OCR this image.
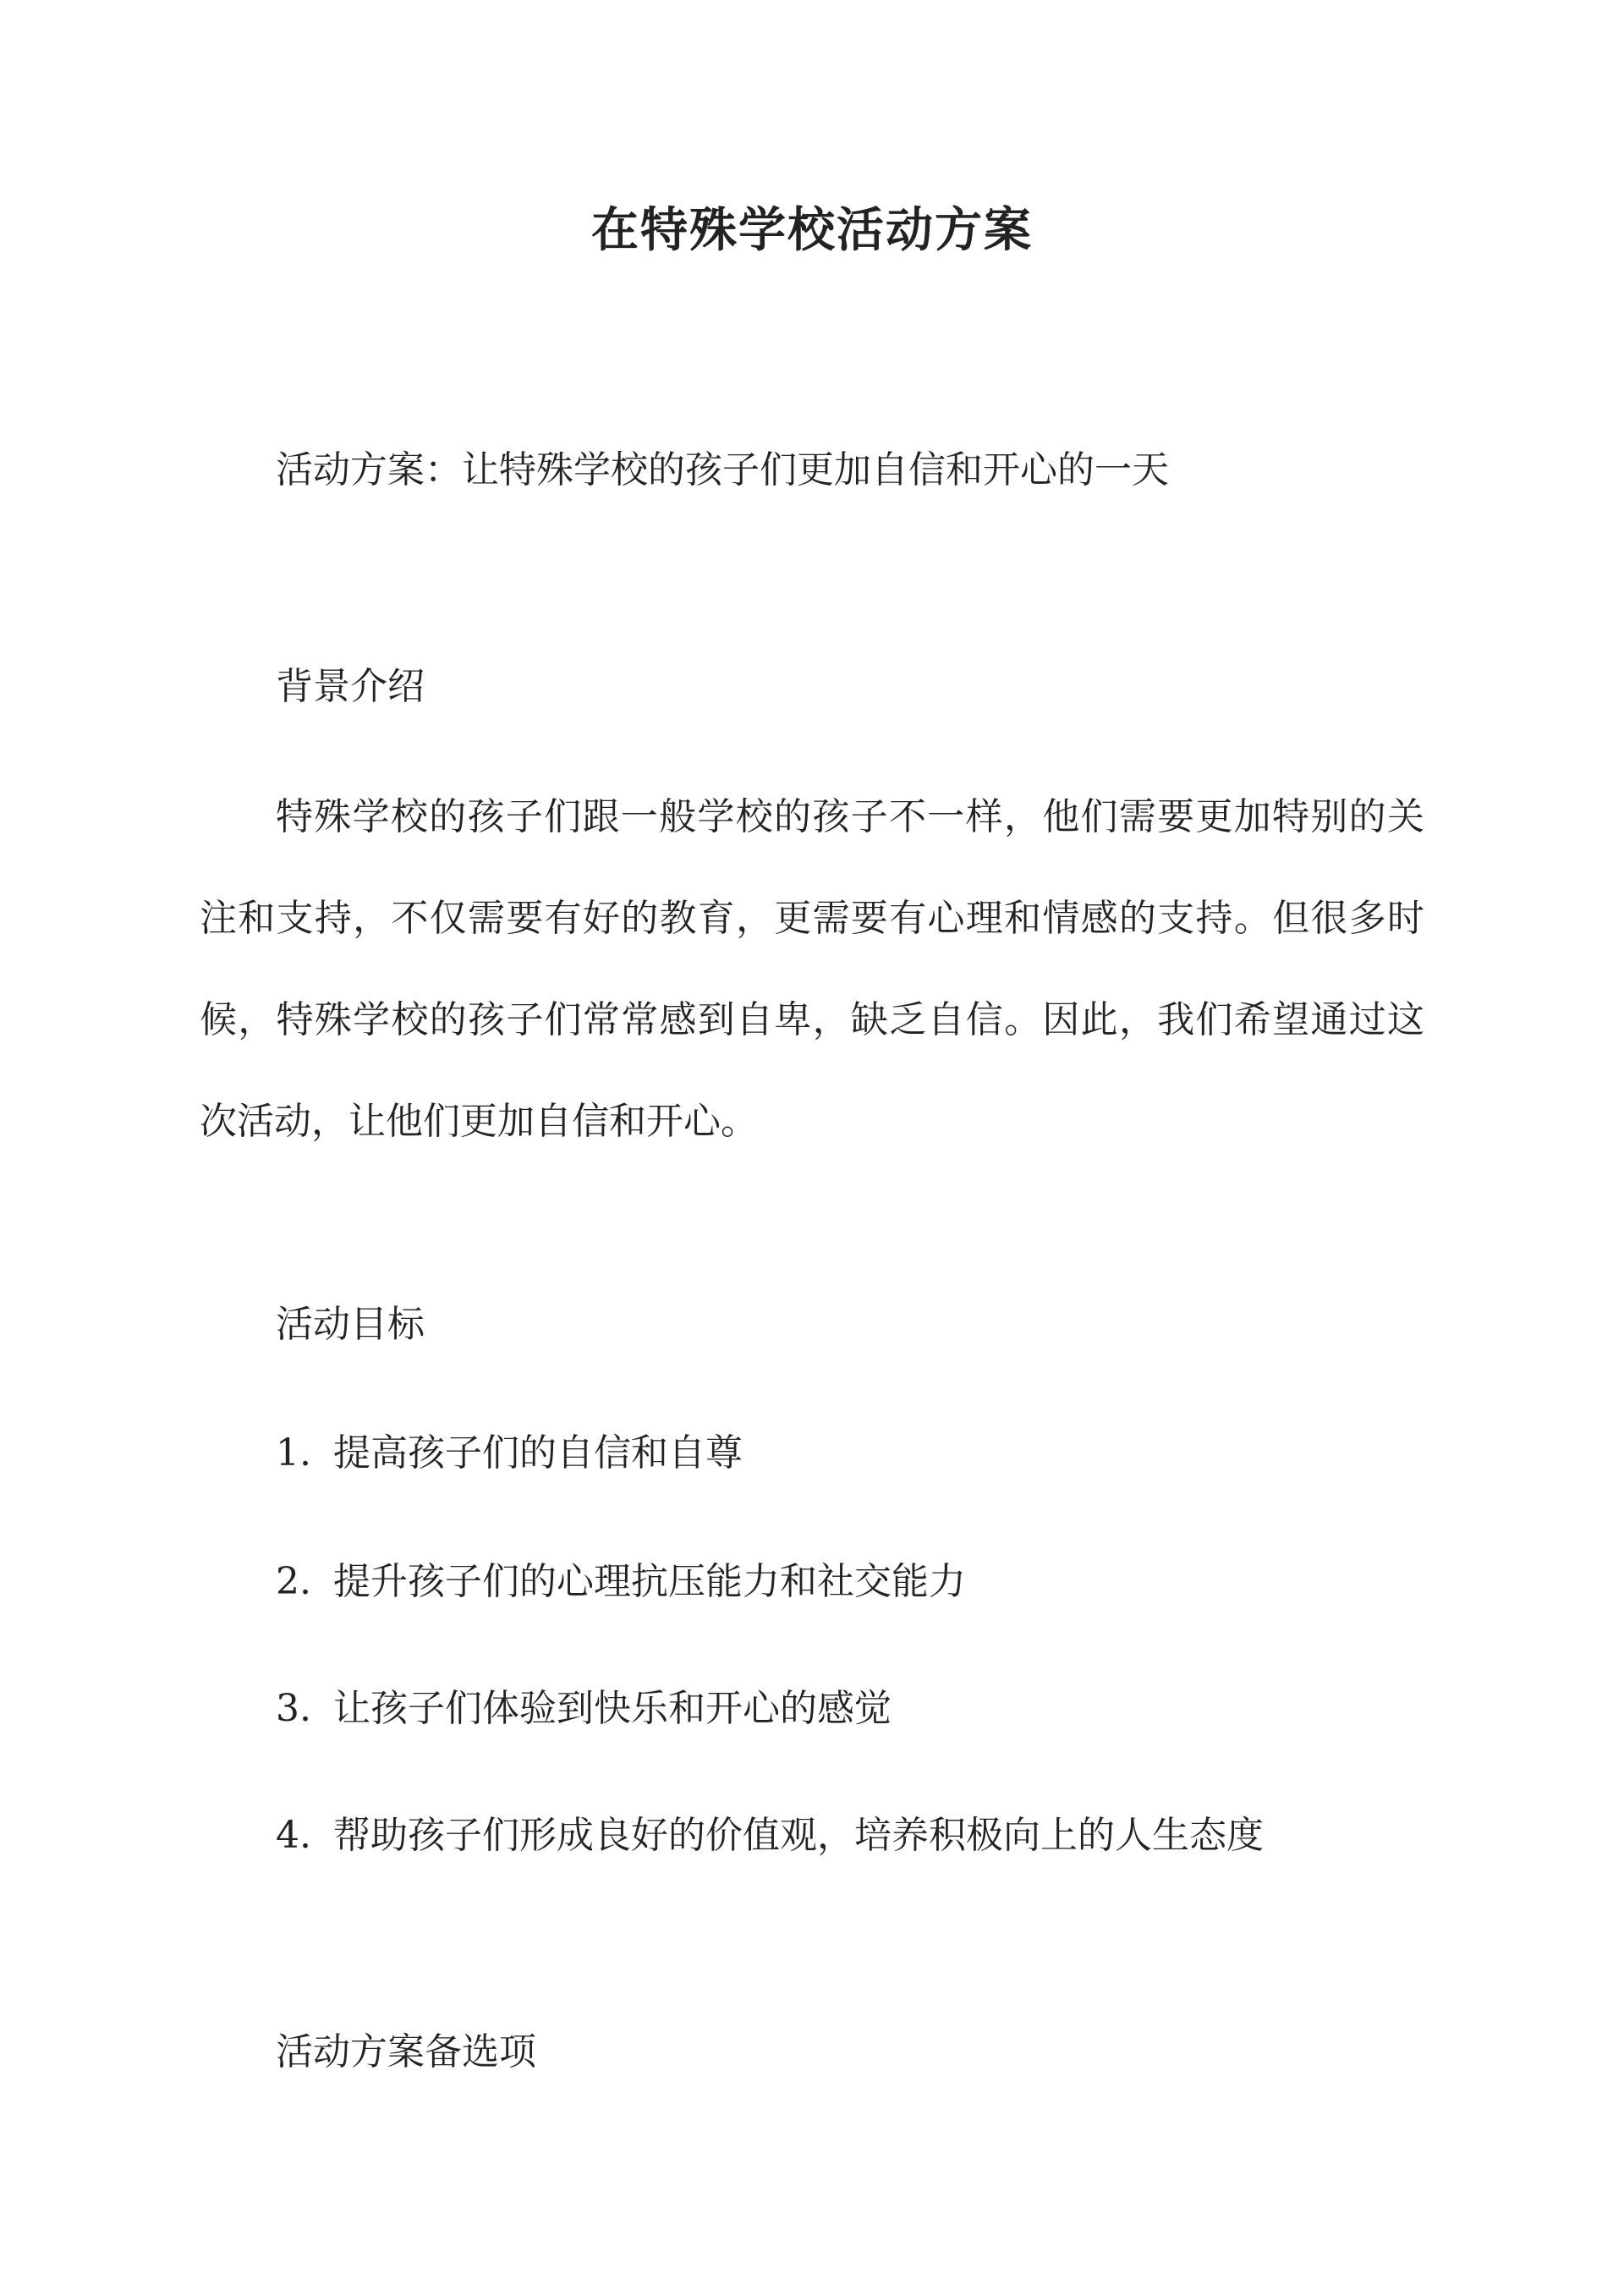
在特殊学校活动方案

活动方案：让特殊学校的孩子们更加自信和开心的一天

背景介绍

特殊学校的孩子们跟一般学校的孩子不一样，他们需要更加特别的关注和支持，不仅需要有好的教育，更需要有心理和情感的支持。但很多时候，特殊学校的孩子们常常感到自卑，缺乏自信。因此，我们希望通过这次活动，让他们更加自信和开心。

活动目标

1. 提高孩子们的自信和自尊

2. 提升孩子们的心理抗压能力和社交能力

3. 让孩子们体验到快乐和开心的感觉

4. 帮助孩子们形成良好的价值观，培养积极向上的人生态度

活动方案备选项
